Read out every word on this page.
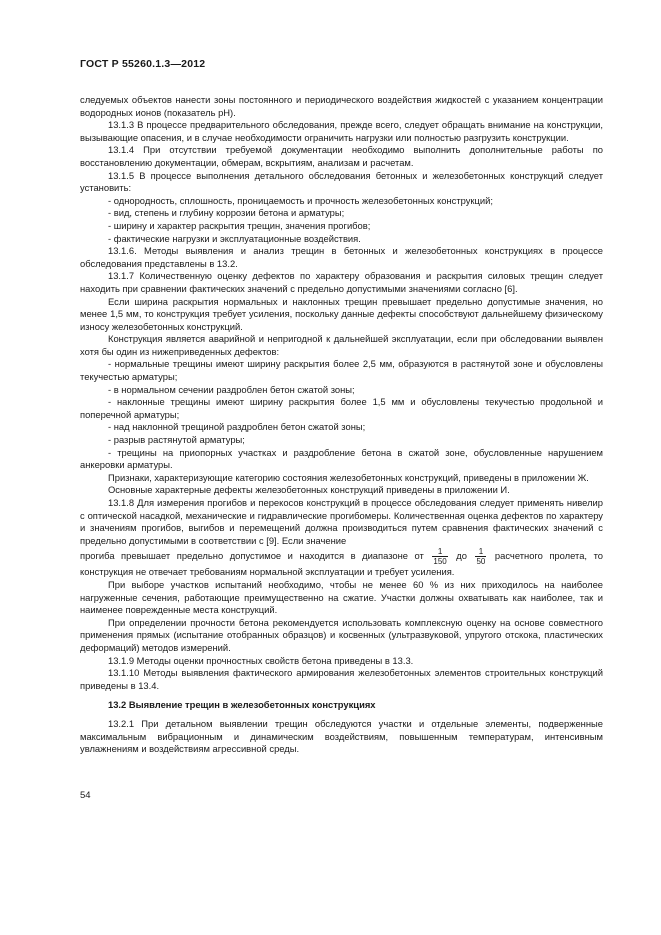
ГОСТ Р 55260.1.3—2012

следуемых объектов нанести зоны постоянного и периодического воздействия жидкостей с указанием концентрации водородных ионов (показатель pH).

13.1.3 В процессе предварительного обследования, прежде всего, следует обращать внимание на конструкции, вызывающие опасения, и в случае необходимости ограничить нагрузки или полностью разгрузить конструкции.

13.1.4 При отсутствии требуемой документации необходимо выполнить дополнительные работы по восстановлению документации, обмерам, вскрытиям, анализам и расчетам.

13.1.5 В процессе выполнения детального обследования бетонных и железобетонных конструкций следует установить:

- однородность, сплошность, проницаемость и прочность железобетонных конструкций;

- вид, степень и глубину коррозии бетона и арматуры;

- ширину и характер раскрытия трещин, значения прогибов;

- фактические нагрузки и эксплуатационные воздействия.

13.1.6. Методы выявления и анализ трещин в бетонных и железобетонных конструкциях в процессе обследования представлены в 13.2.

13.1.7 Количественную оценку дефектов по характеру образования и раскрытия силовых трещин следует находить при сравнении фактических значений с предельно допустимыми значениями согласно [6].

Если ширина раскрытия нормальных и наклонных трещин превышает предельно допустимые значения, но менее 1,5 мм, то конструкция требует усиления, поскольку данные дефекты способствуют дальнейшему физическому износу железобетонных конструкций.

Конструкция является аварийной и непригодной к дальнейшей эксплуатации, если при обследовании выявлен хотя бы один из нижеприведенных дефектов:

- нормальные трещины имеют ширину раскрытия более 2,5 мм, образуются в растянутой зоне и обусловлены текучестью арматуры;

- в нормальном сечении раздроблен бетон сжатой зоны;

- наклонные трещины имеют ширину раскрытия более 1,5 мм и обусловлены текучестью продольной и поперечной арматуры;

- над наклонной трещиной раздроблен бетон сжатой зоны;

- разрыв растянутой арматуры;

- трещины на приопорных участках и раздробление бетона в сжатой зоне, обусловленные нарушением анкеровки арматуры.

Признаки, характеризующие категорию состояния железобетонных конструкций, приведены в приложении Ж.

Основные характерные дефекты железобетонных конструкций приведены в приложении И.

13.1.8 Для измерения прогибов и перекосов конструкций в процессе обследования следует применять нивелир с оптической насадкой, механические и гидравлические прогибомеры. Количественная оценка дефектов по характеру и значениям прогибов, выгибов и перемещений должна производиться путем сравнения фактических значений с предельно допустимыми в соответствии с [9]. Если значение

прогиба превышает предельно допустимое и находится в диапазоне от $\frac{1}{150}$ до $\frac{1}{50}$ расчетного пролета, то конструкция не отвечает требованиям нормальной эксплуатации и требует усиления.

При выборе участков испытаний необходимо, чтобы не менее 60 % из них приходилось на наиболее нагруженные сечения, работающие преимущественно на сжатие. Участки должны охватывать как наиболее, так и наименее поврежденные места конструкций.

При определении прочности бетона рекомендуется использовать комплексную оценку на основе совместного применения прямых (испытание отобранных образцов) и косвенных (ультразвуковой, упругого отскока, пластических деформаций) методов измерений.

13.1.9 Методы оценки прочностных свойств бетона приведены в 13.3.

13.1.10 Методы выявления фактического армирования железобетонных элементов строительных конструкций приведены в 13.4.

13.2 Выявление трещин в железобетонных конструкциях

13.2.1 При детальном выявлении трещин обследуются участки и отдельные элементы, подверженные максимальным вибрационным и динамическим воздействиям, повышенным температурам, интенсивным увлажнениям и воздействиям агрессивной среды.

54
